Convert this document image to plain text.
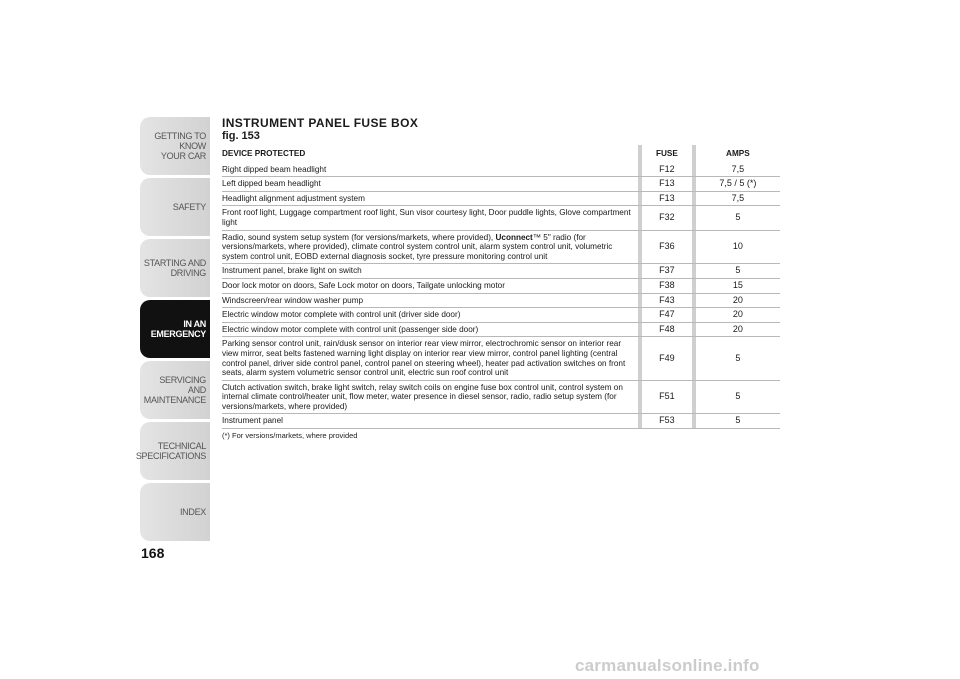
GETTING TO KNOW
YOUR CAR
SAFETY
STARTING AND
DRIVING
IN AN
EMERGENCY
SERVICING AND
MAINTENANCE
TECHNICAL
SPECIFICATIONS
INDEX
168
INSTRUMENT PANEL FUSE BOX
fig. 153
DEVICE PROTECTED		FUSE		AMPS
Right dipped beam headlight		F12		7,5
Left dipped beam headlight		F13		7,5 / 5 (*)
Headlight alignment adjustment system		F13		7,5
Front roof light, Luggage compartment roof light, Sun visor courtesy light, Door puddle lights, Glove compartment light		F32		5
Radio, sound system setup system (for versions/markets, where provided), Uconnect™ 5" radio (for versions/markets, where provided), climate control system control unit, alarm system control unit, volumetric system control unit, EOBD external diagnosis socket, tyre pressure monitoring control unit		F36		10
Instrument panel, brake light on switch		F37		5
Door lock motor on doors, Safe Lock motor on doors, Tailgate unlocking motor		F38		15
Windscreen/rear window washer pump		F43		20
Electric window motor complete with control unit (driver side door)		F47		20
Electric window motor complete with control unit (passenger side door)		F48		20
Parking sensor control unit, rain/dusk sensor on interior rear view mirror, electrochromic sensor on interior rear view mirror, seat belts fastened warning light display on interior rear view mirror, control panel lighting (central control panel, driver side control panel, control panel on steering wheel), heater pad activation switches on front seats, alarm system volumetric sensor control unit, electric sun roof control unit		F49		5
Clutch activation switch, brake light switch, relay switch coils on engine fuse box control unit, control system on internal climate control/heater unit, flow meter, water presence in diesel sensor, radio, radio setup system (for versions/markets, where provided)		F51		5
Instrument panel		F53		5
(*) For versions/markets, where provided
carmanualsonline.info
